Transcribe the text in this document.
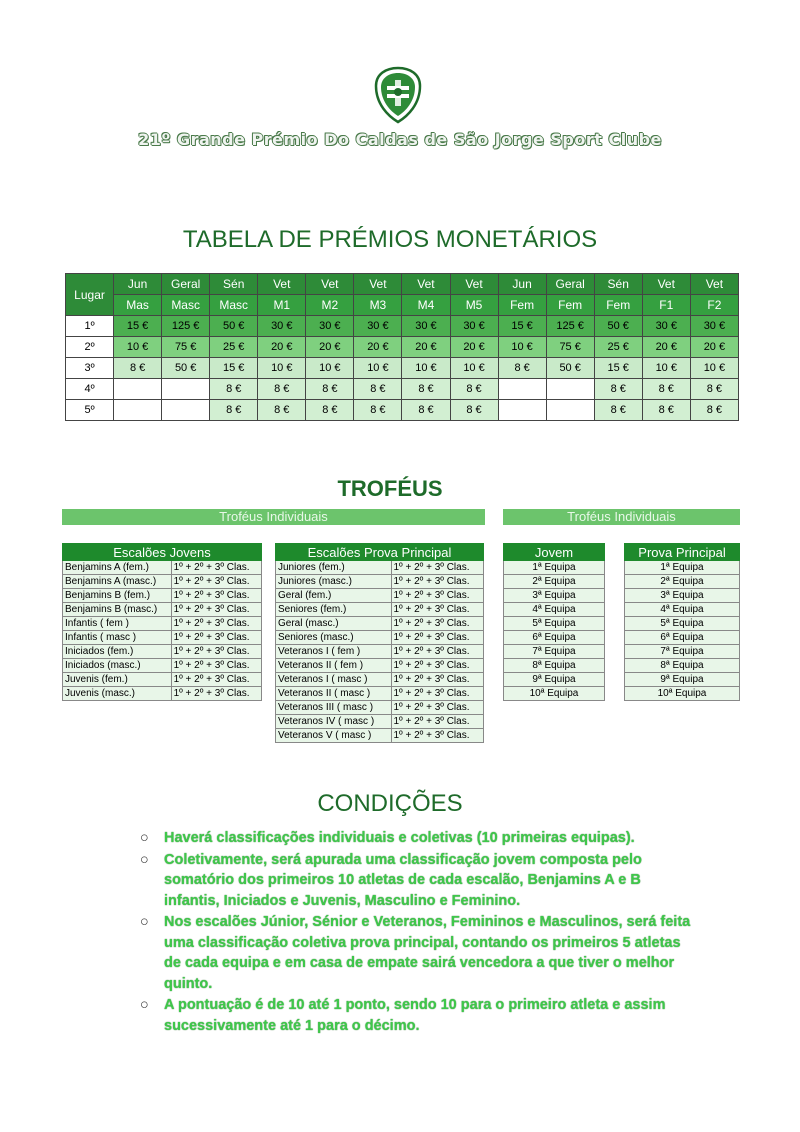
21º Grande Prémio Do Caldas de São Jorge Sport Clube
TABELA DE PRÉMIOS MONETÁRIOS
Lugar	Jun	Geral	Sén	Vet	Vet	Vet	Vet	Vet	Jun	Geral	Sén	Vet	Vet
	Mas	Masc	Masc	M1	M2	M3	M4	M5	Fem	Fem	Fem	F1	F2
1º	15 €	125 €	50 €	30 €	30 €	30 €	30 €	30 €	15 €	125 €	50 €	30 €	30 €
2º	10 €	75 €	25 €	20 €	20 €	20 €	20 €	20 €	10 €	75 €	25 €	20 €	20 €
3º	8 €	50 €	15 €	10 €	10 €	10 €	10 €	10 €	8 €	50 €	15 €	10 €	10 €
4º			8 €	8 €	8 €	8 €	8 €	8 €			8 €	8 €	8 €
5º			8 €	8 €	8 €	8 €	8 €	8 €			8 €	8 €	8 €
TROFÉUS
Troféus Individuais	Troféus Individuais
Escalões Jovens	
Benjamins A (fem.)	1º + 2º + 3º Clas.
Benjamins A (masc.)	1º + 2º + 3º Clas.
Benjamins B (fem.)	1º + 2º + 3º Clas.
Benjamins B (masc.)	1º + 2º + 3º Clas.
Infantis ( fem )	1º + 2º + 3º Clas.
Infantis ( masc )	1º + 2º + 3º Clas.
Iniciados (fem.)	1º + 2º + 3º Clas.
Iniciados (masc.)	1º + 2º + 3º Clas.
Juvenis (fem.)	1º + 2º + 3º Clas.
Juvenis (masc.)	1º + 2º + 3º Clas.
Escalões Prova Principal	
Juniores (fem.)	1º + 2º + 3º Clas.
Juniores (masc.)	1º + 2º + 3º Clas.
Geral (fem.)	1º + 2º + 3º Clas.
Seniores (fem.)	1º + 2º + 3º Clas.
Geral (masc.)	1º + 2º + 3º Clas.
Seniores (masc.)	1º + 2º + 3º Clas.
Veteranos I ( fem )	1º + 2º + 3º Clas.
Veteranos II ( fem )	1º + 2º + 3º Clas.
Veteranos I ( masc )	1º + 2º + 3º Clas.
Veteranos II ( masc )	1º + 2º + 3º Clas.
Veteranos III ( masc )	1º + 2º + 3º Clas.
Veteranos IV ( masc )	1º + 2º + 3º Clas.
Veteranos V ( masc )	1º + 2º + 3º Clas.
Jovem
1ª Equipa
2ª Equipa
3ª Equipa
4ª Equipa
5ª Equipa
6ª Equipa
7ª Equipa
8ª Equipa
9ª Equipa
10ª Equipa
Prova Principal
1ª Equipa
2ª Equipa
3ª Equipa
4ª Equipa
5ª Equipa
6ª Equipa
7ª Equipa
8ª Equipa
9ª Equipa
10ª Equipa
CONDIÇÕES
○	Haverá classificações individuais e coletivas (10 primeiras equipas).
○	Coletivamente, será apurada uma classificação jovem composta pelo somatório dos primeiros 10 atletas de cada escalão, Benjamins A e B infantis, Iniciados e Juvenis, Masculino e Feminino.
○	Nos escalões Júnior, Sénior e Veteranos, Femininos e Masculinos, será feita uma classificação coletiva prova principal, contando os primeiros 5 atletas de cada equipa e em casa de empate sairá vencedora a que tiver o melhor quinto.
○	A pontuação é de 10 até 1 ponto, sendo 10 para o primeiro atleta e assim sucessivamente até 1 para o décimo.
